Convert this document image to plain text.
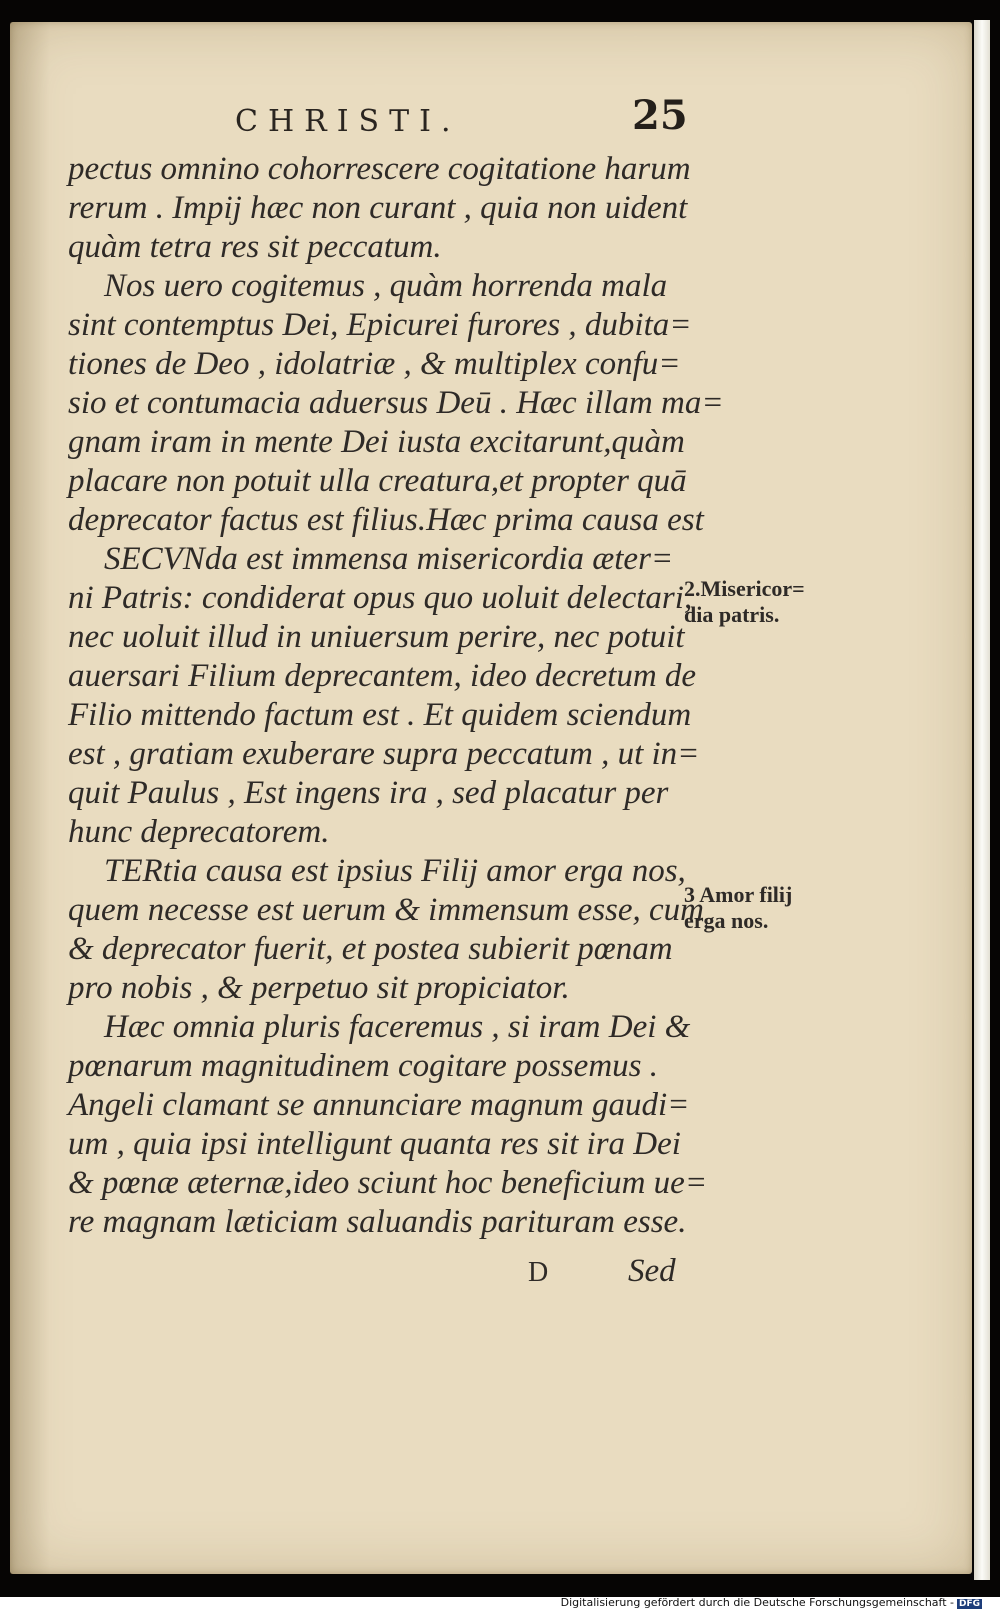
CHRISTI.	25

pectus omnino cohorrescere cogitatione harum

rerum . Impij hæc non curant , quia non uident

quàm tetra res sit peccatum.

Nos uero cogitemus , quàm horrenda mala

sint contemptus Dei, Epicurei furores , dubita=

tiones de Deo , idolatriæ , & multiplex confu=

sio et contumacia aduersus Deū . Hæc illam ma=

gnam iram in mente Dei iusta excitarunt,quàm

placare non potuit ulla creatura,et propter quā

deprecator factus est filius.Hæc prima causa est

SECVNda est immensa misericordia æter=

ni Patris: condiderat opus quo uoluit delectari,

nec uoluit illud in uniuersum perire, nec potuit

auersari Filium deprecantem, ideo decretum de

Filio mittendo factum est . Et quidem sciendum

est , gratiam exuberare supra peccatum , ut in=

quit Paulus , Est ingens ira , sed placatur per

hunc deprecatorem.

TERtia causa est ipsius Filij amor erga nos,

quem necesse est uerum & immensum esse, cum

& deprecator fuerit, et postea subierit pœnam

pro nobis , & perpetuo sit propiciator.

Hæc omnia pluris faceremus , si iram Dei &

pœnarum magnitudinem cogitare possemus .

Angeli clamant se annunciare magnum gaudi=

um , quia ipsi intelligunt quanta res sit ira Dei

& pœnæ æternæ,ideo sciunt hoc beneficium ue=

re magnam læticiam saluandis parituram esse.

2.Misericor=
dia patris.
3 Amor filij
erga nos.
D Sed
Digitalisierung gefördert durch die Deutsche Forschungsgemeinschaft - DFG
